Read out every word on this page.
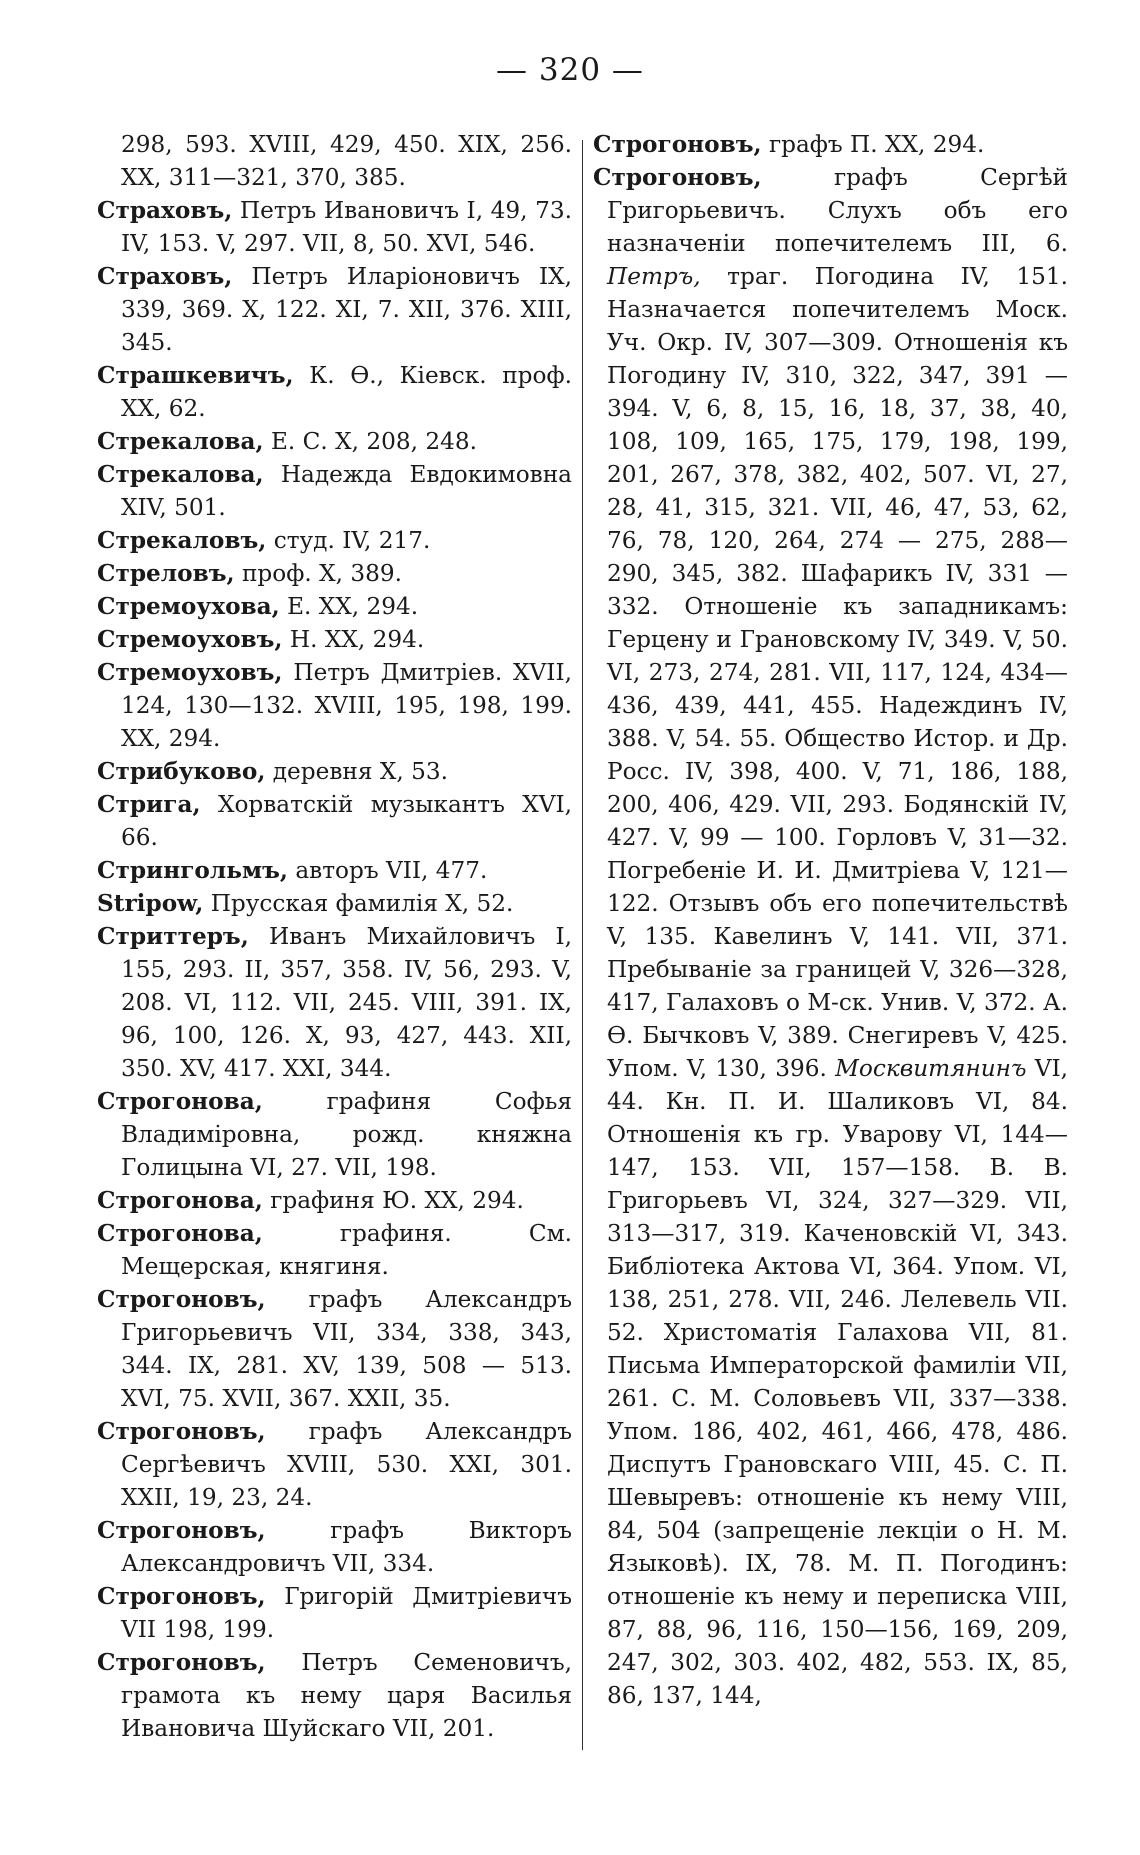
— 320 —

298, 593. XVIII, 429, 450. XIX, 256. XX, 311—321, 370, 385.

Страховъ, Петръ Ивановичъ I, 49, 73. IV, 153. V, 297. VII, 8, 50. XVI, 546.

Страховъ, Петръ Иларіоновичъ IX, 339, 369. X, 122. XI, 7. XII, 376. XIII, 345.

Страшкевичъ, К. Ѳ., Кіевск. проф. XX, 62.

Стрекалова, Е. С. X, 208, 248.

Стрекалова, Надежда Евдокимовна XIV, 501.

Стрекаловъ, студ. IV, 217.

Стреловъ, проф. X, 389.

Стремоухова, Е. XX, 294.

Стремоуховъ, Н. XX, 294.

Стремоуховъ, Петръ Дмитріев. XVII, 124, 130—132. XVIII, 195, 198, 199. XX, 294.

Стрибуково, деревня X, 53.

Стрига, Хорватскій музыкантъ XVI, 66.

Стрингольмъ, авторъ VII, 477.

Stripow, Прусская фамилія X, 52.

Стриттеръ, Иванъ Михайловичъ I, 155, 293. II, 357, 358. IV, 56, 293. V, 208. VI, 112. VII, 245. VIII, 391. IX, 96, 100, 126. X, 93, 427, 443. XII, 350. XV, 417. XXI, 344.

Строгонова,	графиня Софья Владиміровна, рожд. княжна Голицына VI, 27. VII, 198.

Строгонова, графиня Ю. XX, 294.

Строгонова,	графиня. См. Мещерская, княгиня.

Строгоновъ, графъ Александръ Григорьевичъ VII, 334, 338, 343, 344. IX, 281. XV, 139, 508 — 513. XVI, 75. XVII, 367. XXII, 35.

Строгоновъ, графъ Александръ Сергѣевичъ XVIII, 530. XXI, 301. XXII, 19, 23, 24.

Строгоновъ,	графъ Викторъ Александровичъ VII, 334.

Строгоновъ, Григорій Дмитріевичъ VII 198, 199.

Строгоновъ, Петръ Семеновичъ, грамота къ нему царя Василья Ивановича Шуйскаго VII, 201.

Строгоновъ, графъ П. XX, 294.

Строгоновъ,	графъ Сергѣй Григорьевичъ. Слухъ объ его назначеніи попечителемъ III, 6. Петръ, траг. Погодина IV, 151. Назначается попечителемъ Моск. Уч. Окр. IV, 307—309. Отношенія къ Погодину IV, 310, 322, 347, 391 — 394. V, 6, 8, 15, 16, 18, 37, 38, 40, 108, 109, 165, 175, 179, 198, 199, 201, 267, 378, 382, 402, 507. VI, 27, 28, 41, 315, 321. VII, 46, 47, 53, 62, 76, 78, 120, 264, 274 — 275, 288—290, 345, 382. Шафарикъ IV, 331 — 332. Отношеніе къ западникамъ: Герцену и Грановскому IV, 349. V, 50. VI, 273, 274, 281. VII, 117, 124, 434—436, 439, 441, 455. Надеждинъ IV, 388. V, 54. 55. Общество Истор. и Др. Росс. IV, 398, 400. V, 71, 186, 188, 200, 406, 429. VII, 293. Бодянскій IV, 427. V, 99 — 100. Горловъ V, 31—32. Погребеніе И. И. Дмитріева V, 121—122. Отзывъ объ его попечительствѣ V, 135. Кавелинъ V, 141. VII, 371. Пребываніе за границей V, 326—328, 417, Галаховъ о М-ск. Унив. V, 372. А. Ѳ. Бычковъ V, 389. Снегиревъ V, 425. Упом. V, 130, 396. Москвитянинъ VI, 44. Кн. П. И. Шаликовъ VI, 84. Отношенія къ гр. Уварову VI, 144—147, 153. VII, 157—158. В. В. Григорьевъ VI, 324, 327—329. VII, 313—317, 319. Каченовскій VI, 343. Библіотека Актова VI, 364. Упом. VI, 138, 251, 278. VII, 246. Лелевель VII. 52. Христоматія Галахова VII, 81. Письма Императорской фамиліи VII, 261. С. М. Соловьевъ VII, 337—338. Упом. 186, 402, 461, 466, 478, 486. Диспутъ Грановскаго VIII, 45. С. П. Шевыревъ: отношеніе къ нему VIII, 84, 504 (запрещеніе лекціи о Н. М. Языковѣ). IX, 78. М. П. Погодинъ: отношеніе къ нему и переписка VIII, 87, 88, 96, 116, 150—156, 169, 209, 247, 302, 303. 402, 482, 553. IX, 85, 86, 137, 144,
